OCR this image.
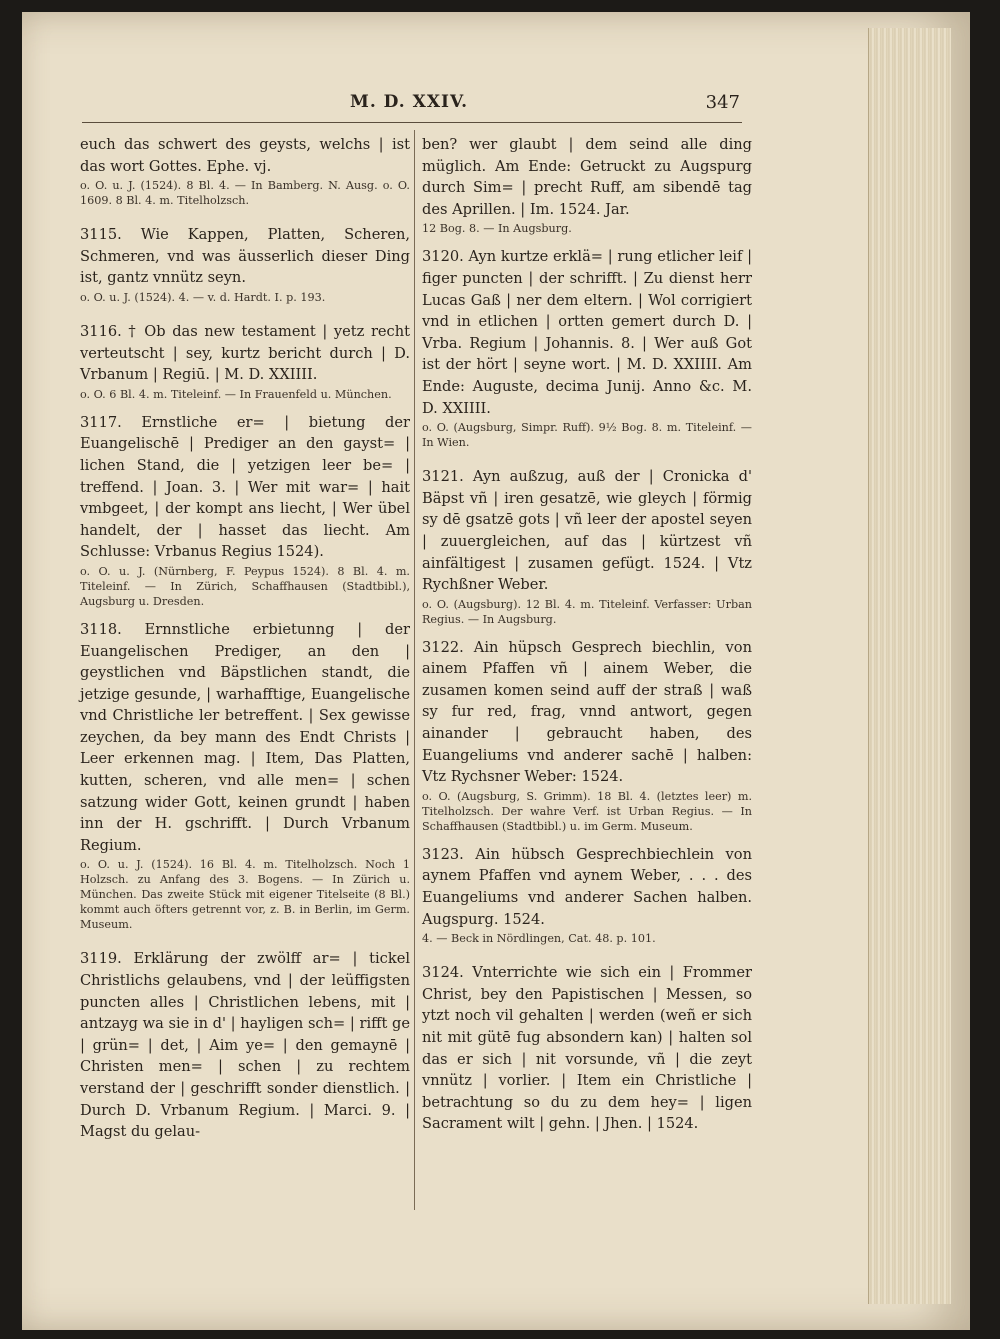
M. D. XXIV.	347

euch das schwert des geysts, welchs | ist das wort Gottes. Ephe. vj.

o. O. u. J. (1524). 8 Bl. 4. — In Bamberg. N. Ausg. o. O. 1609. 8 Bl. 4. m. Titelholzsch.

3115. Wie Kappen, Platten, Scheren, Schmeren, vnd was äusserlich dieser Ding ist, gantz vnnütz seyn.

o. O. u. J. (1524). 4. — v. d. Hardt. I. p. 193.

3116. † Ob das new testament | yetz recht verteutscht | sey, kurtz bericht durch | D. Vrbanum | Regiū. | M. D. XXIIII.

o. O. 6 Bl. 4. m. Titeleinf. — In Frauenfeld u. München.

3117. Ernstliche er= | bietung der Euangelischē | Prediger an den gayst= | lichen Stand, die | yetzigen leer be= | treffend. | Joan. 3. | Wer mit war= | hait vmbgeet, | der kompt ans liecht, | Wer übel handelt, der | hasset das liecht. Am Schlusse: Vrbanus Regius 1524).

o. O. u. J. (Nürnberg, F. Peypus 1524). 8 Bl. 4. m. Titeleinf. — In Zürich, Schaffhausen (Stadtbibl.), Augsburg u. Dresden.

3118. Ernnstliche erbietunng | der Euangelischen Prediger, an den | geystlichen vnd Bäpstlichen standt, die jetzige gesunde, | warhafftige, Euangelische vnd Christliche ler betreffent. | Sex gewisse zeychen, da bey mann des Endt Christs | Leer erkennen mag. | Item, Das Platten, kutten, scheren, vnd alle men= | schen satzung wider Gott, keinen grundt | haben inn der H. gschrifft. | Durch Vrbanum Regium.

o. O. u. J. (1524). 16 Bl. 4. m. Titelholzsch. Noch 1 Holzsch. zu Anfang des 3. Bogens. — In Zürich u. München. Das zweite Stück mit eigener Titelseite (8 Bl.) kommt auch öfters getrennt vor, z. B. in Berlin, im Germ. Museum.

3119. Erklärung der zwölff ar= | tickel Christlichs gelaubens, vnd | der leüffigsten puncten alles | Christlichen lebens, mit | antzayg wa sie in d' | hayligen sch= | rifft ge | grün= | det, | Aim ye= | den gemaynē | Christen men= | schen | zu rechtem verstand der | geschrifft sonder dienstlich. | Durch D. Vrbanum Regium. | Marci. 9. | Magst du gelau-

ben? wer glaubt | dem seind alle ding müglich. Am Ende: Getruckt zu Augspurg durch Sim= | precht Ruff, am sibendē tag des Aprillen. | Im. 1524. Jar.

12 Bog. 8. — In Augsburg.

3120. Ayn kurtze erklä= | rung etlicher leif | figer puncten | der schrifft. | Zu dienst herr Lucas Gaß | ner dem eltern. | Wol corrigiert vnd in etlichen | ortten gemert durch D. | Vrba. Regium | Johannis. 8. | Wer auß Got ist der hört | seyne wort. | M. D. XXIIII. Am Ende: Auguste, decima Junij. Anno &c. M. D. XXIIII.

o. O. (Augsburg, Simpr. Ruff). 9½ Bog. 8. m. Titeleinf. — In Wien.

3121. Ayn außzug, auß der | Cronicka d' Bäpst vñ | iren gesatzē, wie gleych | förmig sy dē gsatzē gots | vñ leer der apostel seyen | zuuergleichen, auf das | kürtzest vñ ainfältigest | zusamen gefügt. 1524. | Vtz Rychßner Weber.

o. O. (Augsburg). 12 Bl. 4. m. Titeleinf. Verfasser: Urban Regius. — In Augsburg.

3122. Ain hüpsch Gesprech biechlin, von ainem Pfaffen vñ | ainem Weber, die zusamen komen seind auff der straß | waß sy fur red, frag, vnnd antwort, gegen ainander | gebraucht haben, des Euangeliums vnd anderer sachē | halben: Vtz Rychsner Weber: 1524.

o. O. (Augsburg, S. Grimm). 18 Bl. 4. (letztes leer) m. Titelholzsch. Der wahre Verf. ist Urban Regius. — In Schaffhausen (Stadtbibl.) u. im Germ. Museum.

3123. Ain hübsch Gesprechbiechlein von aynem Pfaffen vnd aynem Weber, . . . des Euangeliums vnd anderer Sachen halben. Augspurg. 1524.

4. — Beck in Nördlingen, Cat. 48. p. 101.

3124. Vnterrichte wie sich ein | Frommer Christ, bey den Papistischen | Messen, so ytzt noch vil gehalten | werden (weñ er sich nit mit gütē fug absondern kan) | halten sol das er sich | nit vorsunde, vñ | die zeyt vnnütz | vorlier. | Item ein Christliche | betrachtung so du zu dem hey= | ligen Sacrament wilt | gehn. | Jhen. | 1524.
